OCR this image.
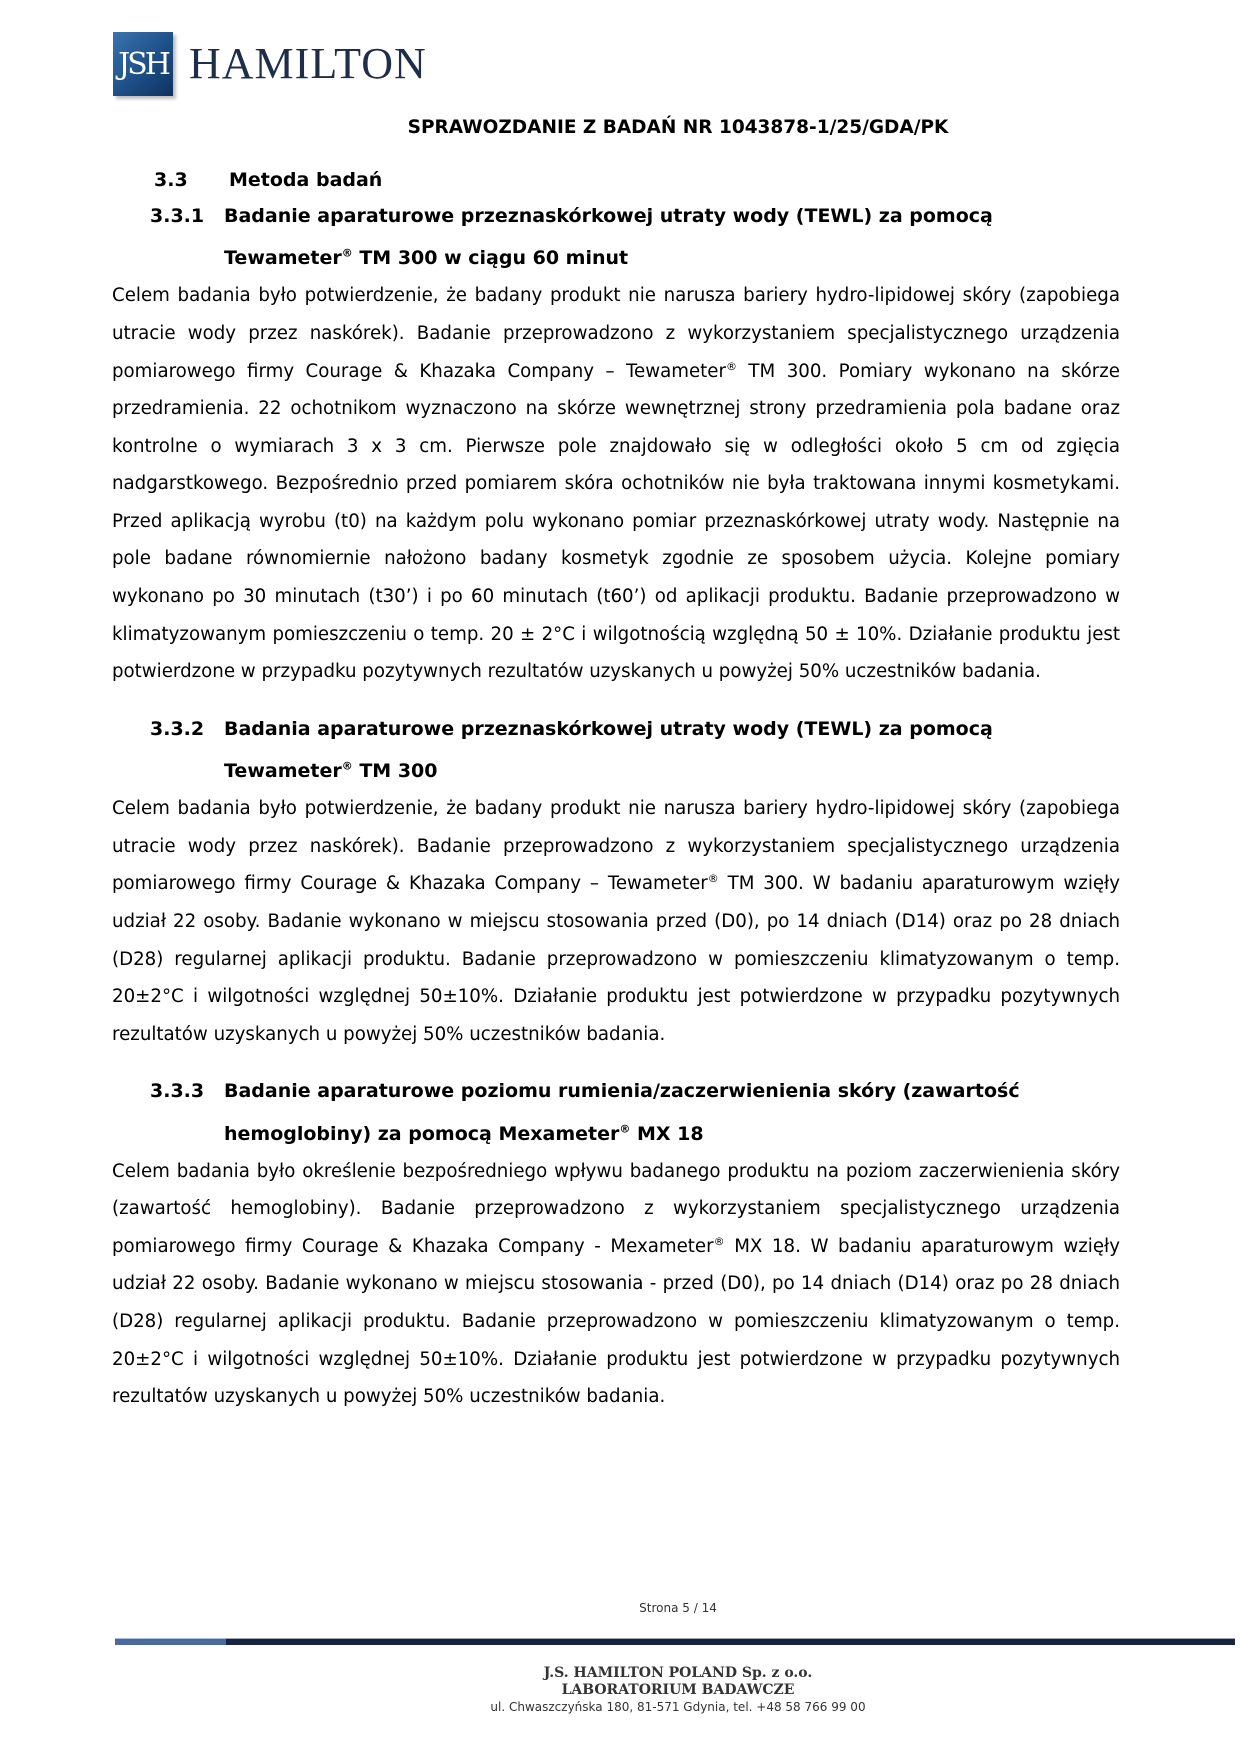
JSH HAMILTON
SPRAWOZDANIE Z BADAŃ NR 1043878-1/25/GDA/PK
3.3	Metoda badań
3.3.1 Badanie aparaturowe przeznaskórkowej utraty wody (TEWL) za pomocą
Tewameter® TM 300 w ciągu 60 minut

Celem badania było potwierdzenie, że badany produkt nie narusza bariery hydro-lipidowej skóry (zapobiega utracie wody przez naskórek). Badanie przeprowadzono z wykorzystaniem specjalistycznego urządzenia pomiarowego firmy Courage & Khazaka Company – Tewameter® TM 300. Pomiary wykonano na skórze przedramienia. 22 ochotnikom wyznaczono na skórze wewnętrznej strony przedramienia pola badane oraz kontrolne o wymiarach 3 x 3 cm. Pierwsze pole znajdowało się w odległości około 5 cm od zgięcia nadgarstkowego. Bezpośrednio przed pomiarem skóra ochotników nie była traktowana innymi kosmetykami. Przed aplikacją wyrobu (t0) na każdym polu wykonano pomiar przeznaskórkowej utraty wody. Następnie na pole badane równomiernie nałożono badany kosmetyk zgodnie ze sposobem użycia. Kolejne pomiary wykonano po 30 minutach (t30’) i po 60 minutach (t60’) od aplikacji produktu. Badanie przeprowadzono w klimatyzowanym pomieszczeniu o temp. 20 ± 2°C i wilgotnością względną 50 ± 10%. Działanie produktu jest potwierdzone w przypadku pozytywnych rezultatów uzyskanych u powyżej 50% uczestników badania.

3.3.2 Badania aparaturowe przeznaskórkowej utraty wody (TEWL) za pomocą
Tewameter® TM 300

Celem badania było potwierdzenie, że badany produkt nie narusza bariery hydro-lipidowej skóry (zapobiega utracie wody przez naskórek). Badanie przeprowadzono z wykorzystaniem specjalistycznego urządzenia pomiarowego firmy Courage & Khazaka Company – Tewameter® TM 300. W badaniu aparaturowym wzięły udział 22 osoby. Badanie wykonano w miejscu stosowania przed (D0), po 14 dniach (D14) oraz po 28 dniach (D28) regularnej aplikacji produktu. Badanie przeprowadzono w pomieszczeniu klimatyzowanym o temp. 20±2°C i wilgotności względnej 50±10%. Działanie produktu jest potwierdzone w przypadku pozytywnych rezultatów uzyskanych u powyżej 50% uczestników badania.

3.3.3 Badanie aparaturowe poziomu rumienia/zaczerwienienia skóry (zawartość
hemoglobiny) za pomocą Mexameter® MX 18

Celem badania było określenie bezpośredniego wpływu badanego produktu na poziom zaczerwienienia skóry (zawartość hemoglobiny). Badanie przeprowadzono z wykorzystaniem specjalistycznego urządzenia pomiarowego firmy Courage & Khazaka Company - Mexameter® MX 18. W badaniu aparaturowym wzięły udział 22 osoby. Badanie wykonano w miejscu stosowania - przed (D0), po 14 dniach (D14) oraz po 28 dniach (D28) regularnej aplikacji produktu. Badanie przeprowadzono w pomieszczeniu klimatyzowanym o temp. 20±2°C i wilgotności względnej 50±10%. Działanie produktu jest potwierdzone w przypadku pozytywnych rezultatów uzyskanych u powyżej 50% uczestników badania.

Strona 5 / 14
J.S. HAMILTON POLAND Sp. z o.o.
LABORATORIUM BADAWCZE
ul. Chwaszczyńska 180, 81-571 Gdynia, tel. +48 58 766 99 00
